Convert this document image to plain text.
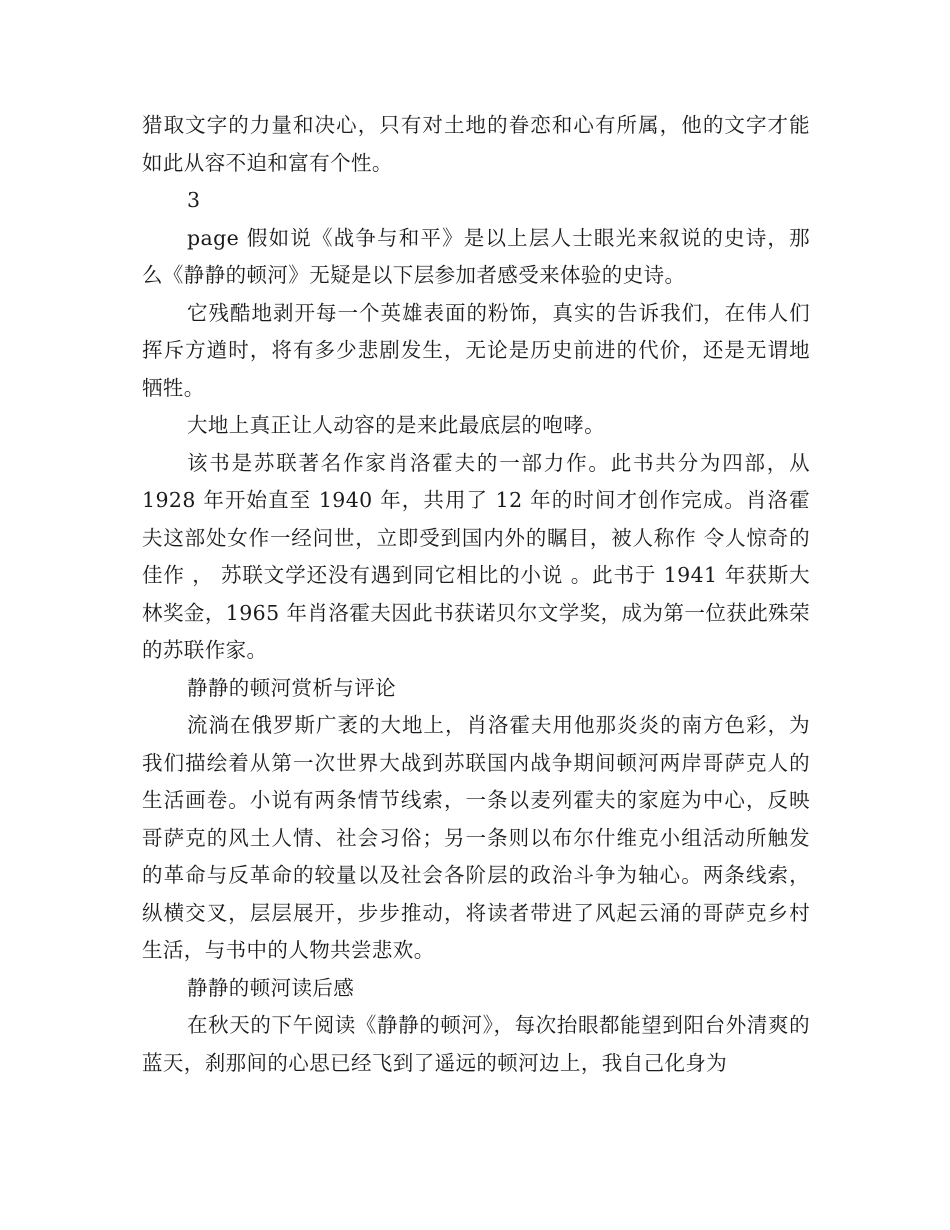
猎取文字的力量和决心，只有对土地的眷恋和心有所属，他的文字才能如此从容不迫和富有个性。

3

page 假如说《战争与和平》是以上层人士眼光来叙说的史诗，那么《静静的顿河》无疑是以下层参加者感受来体验的史诗。

它残酷地剥开每一个英雄表面的粉饰，真实的告诉我们，在伟人们挥斥方遒时，将有多少悲剧发生，无论是历史前进的代价，还是无谓地牺牲。

大地上真正让人动容的是来此最底层的咆哮。

该书是苏联著名作家肖洛霍夫的一部力作。此书共分为四部，从 1928 年开始直至 1940 年，共用了 12 年的时间才创作完成。肖洛霍夫这部处女作一经问世，立即受到国内外的瞩目，被人称作 令人惊奇的佳作 ， 苏联文学还没有遇到同它相比的小说 。此书于 1941 年获斯大林奖金，1965 年肖洛霍夫因此书获诺贝尔文学奖，成为第一位获此殊荣的苏联作家。

静静的顿河赏析与评论

流淌在俄罗斯广袤的大地上，肖洛霍夫用他那炎炎的南方色彩，为我们描绘着从第一次世界大战到苏联国内战争期间顿河两岸哥萨克人的生活画卷。小说有两条情节线索，一条以麦列霍夫的家庭为中心，反映哥萨克的风土人情、社会习俗；另一条则以布尔什维克小组活动所触发的革命与反革命的较量以及社会各阶层的政治斗争为轴心。两条线索，纵横交叉，层层展开，步步推动，将读者带进了风起云涌的哥萨克乡村生活，与书中的人物共尝悲欢。

静静的顿河读后感

在秋天的下午阅读《静静的顿河》，每次抬眼都能望到阳台外清爽的蓝天，刹那间的心思已经飞到了遥远的顿河边上，我自己化身为
